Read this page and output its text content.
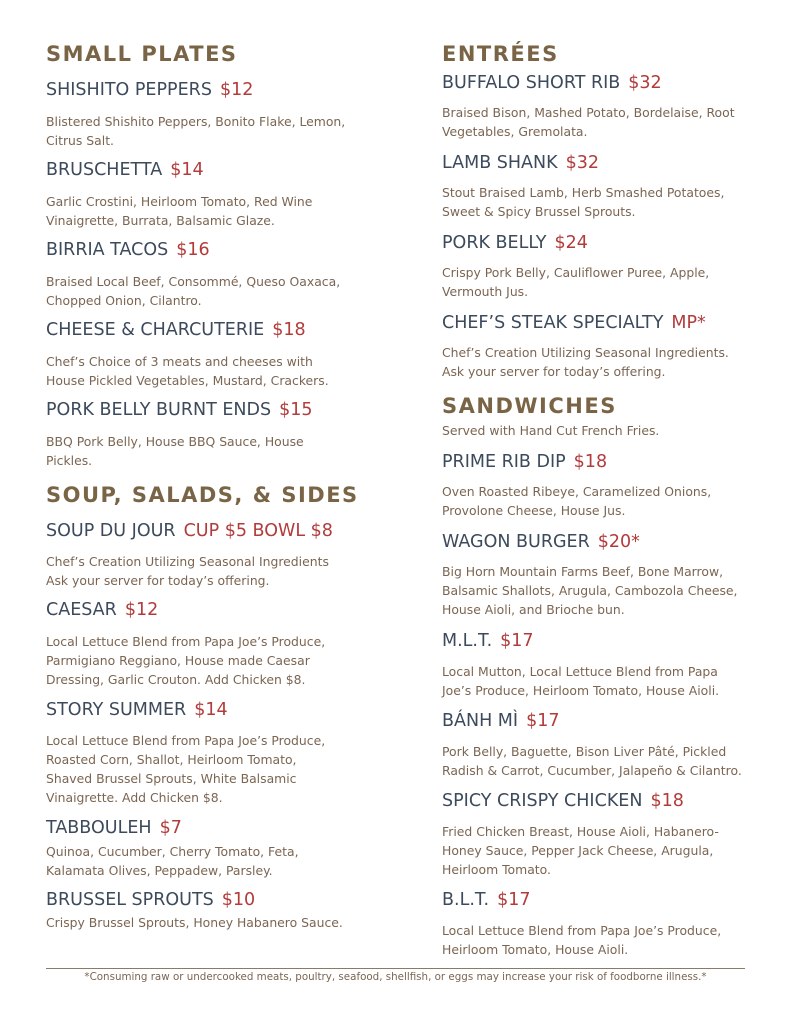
SMALL PLATES
SHISHITO PEPPERS $12
Blistered Shishito Peppers, Bonito Flake, Lemon,
Citrus Salt.
BRUSCHETTA $14
Garlic Crostini, Heirloom Tomato, Red Wine
Vinaigrette, Burrata, Balsamic Glaze.
BIRRIA TACOS $16
Braised Local Beef, Consommé, Queso Oaxaca,
Chopped Onion, Cilantro.
CHEESE & CHARCUTERIE $18
Chef’s Choice of 3 meats and cheeses with
House Pickled Vegetables, Mustard, Crackers.
PORK BELLY BURNT ENDS $15
BBQ Pork Belly, House BBQ Sauce, House
Pickles.
SOUP, SALADS, & SIDES
SOUP DU JOUR CUP $5 BOWL $8
Chef’s Creation Utilizing Seasonal Ingredients
Ask your server for today’s offering.
CAESAR $12
Local Lettuce Blend from Papa Joe’s Produce,
Parmigiano Reggiano, House made Caesar
Dressing, Garlic Crouton. Add Chicken $8.
STORY SUMMER $14
Local Lettuce Blend from Papa Joe’s Produce,
Roasted Corn, Shallot, Heirloom Tomato,
Shaved Brussel Sprouts, White Balsamic
Vinaigrette. Add Chicken $8.
TABBOULEH $7
Quinoa, Cucumber, Cherry Tomato, Feta,
Kalamata Olives, Peppadew, Parsley.
BRUSSEL SPROUTS $10
Crispy Brussel Sprouts, Honey Habanero Sauce.
ENTRÉES
BUFFALO SHORT RIB $32
Braised Bison, Mashed Potato, Bordelaise, Root
Vegetables, Gremolata.
LAMB SHANK $32
Stout Braised Lamb, Herb Smashed Potatoes,
Sweet & Spicy Brussel Sprouts.
PORK BELLY $24
Crispy Pork Belly, Cauliflower Puree, Apple,
Vermouth Jus.
CHEF’S STEAK SPECIALTY MP*
Chef’s Creation Utilizing Seasonal Ingredients.
Ask your server for today’s offering.
SANDWICHES
Served with Hand Cut French Fries.
PRIME RIB DIP $18
Oven Roasted Ribeye, Caramelized Onions,
Provolone Cheese, House Jus.
WAGON BURGER $20*
Big Horn Mountain Farms Beef, Bone Marrow,
Balsamic Shallots, Arugula, Cambozola Cheese,
House Aioli, and Brioche bun.
M.L.T. $17
Local Mutton, Local Lettuce Blend from Papa
Joe’s Produce, Heirloom Tomato, House Aioli.
BÁNH MÌ $17
Pork Belly, Baguette, Bison Liver Pâté, Pickled
Radish & Carrot, Cucumber, Jalapeño & Cilantro.
SPICY CRISPY CHICKEN $18
Fried Chicken Breast, House Aioli, Habanero-
Honey Sauce, Pepper Jack Cheese, Arugula,
Heirloom Tomato.
B.L.T. $17
Local Lettuce Blend from Papa Joe’s Produce,
Heirloom Tomato, House Aioli.
*Consuming raw or undercooked meats, poultry, seafood, shellfish, or eggs may increase your risk of foodborne illness.*
